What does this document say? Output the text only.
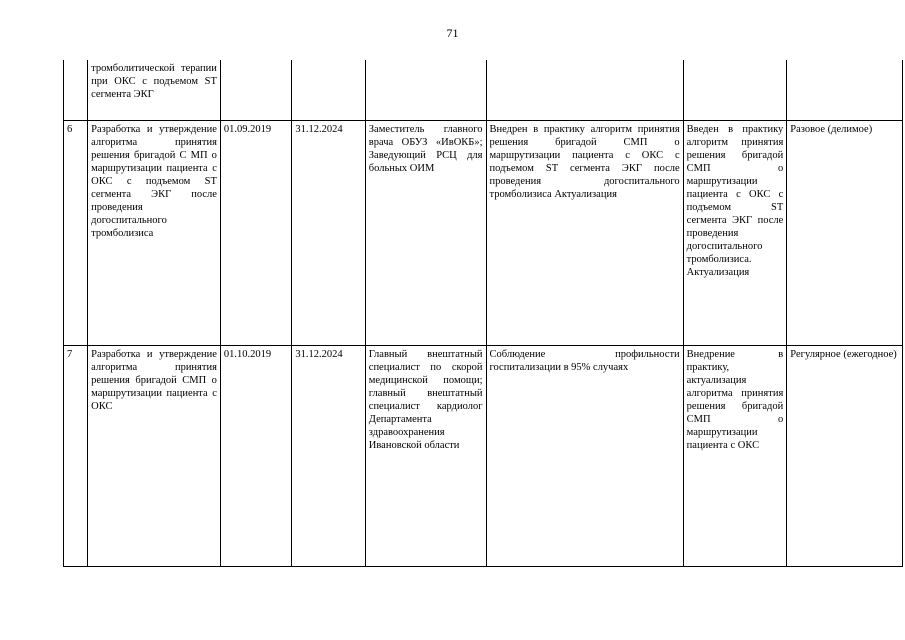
71
	тромболитической терапии при ОКС с подъемом ST сегмента ЭКГ						
6	Разработка и утверждение алгоритма принятия решения бригадой С МП о маршрутизации пациента с ОКС с подъемом ST сегмента ЭКГ после проведения догоспитального тромболизиса	01.09.2019	31.12.2024	Заместитель главного врача ОБУЗ «ИвОКБ»; Заведующий РСЦ для больных ОИМ	Внедрен в практику алгоритм принятия решения бригадой СМП о маршрутизации пациента с ОКС с подъемом ST сегмента ЭКГ после проведения догоспитального тромболизиса Актуализация	Введен в практику алгоритм принятия решения бригадой СМП о маршрутизации пациента с ОКС с подъемом ST сегмента ЭКГ после проведения догоспитального тромболизиса. Актуализация	Разовое (делимое)
7	Разработка и утверждение алгоритма принятия решения бригадой СМП о маршрутизации пациента с ОКС	01.10.2019	31.12.2024	Главный внештатный специалист по скорой медицинской помощи; главный внештатный специалист кардиолог Департамента здравоохранения Ивановской области	Соблюдение профильности госпитализации в 95% случаях	Внедрение в практику, актуализация алгоритма принятия решения бригадой СМП о маршрутизации пациента с ОКС	Регулярное (ежегодное)
